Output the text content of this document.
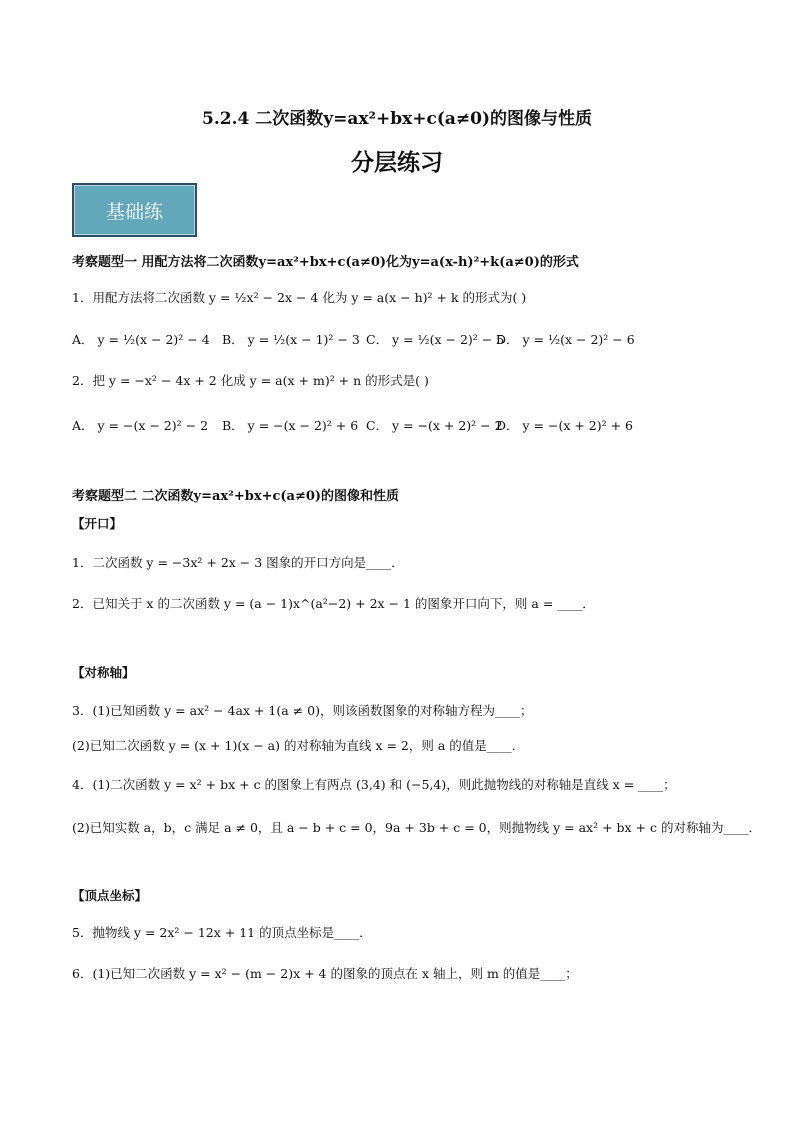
5.2.4 二次函数y=ax²+bx+c(a≠0)的图像与性质
分层练习
基础练
考察题型一 用配方法将二次函数y=ax²+bx+c(a≠0)化为y=a(x-h)²+k(a≠0)的形式
1．用配方法将二次函数 y = ½x² − 2x − 4 化为 y = a(x − h)² + k 的形式为( )
A． y = ½(x − 2)² − 4 B． y = ½(x − 1)² − 3 C． y = ½(x − 2)² − 5
D． y = ½(x − 2)² − 6
2．把 y = −x² − 4x + 2 化成 y = a(x + m)² + n 的形式是( )
A． y = −(x − 2)² − 2 B． y = −(x − 2)² + 6 C． y = −(x + 2)² − 2
D． y = −(x + 2)² + 6
考察题型二 二次函数y=ax²+bx+c(a≠0)的图像和性质
【开口】
1．二次函数 y = −3x² + 2x − 3 图象的开口方向是____．
2．已知关于 x 的二次函数 y = (a − 1)x^(a²−2) + 2x − 1 的图象开口向下，则 a = ____．
【对称轴】
3．(1)已知函数 y = ax² − 4ax + 1(a ≠ 0)，则该函数图象的对称轴方程为____；
(2)已知二次函数 y = (x + 1)(x − a) 的对称轴为直线 x = 2，则 a 的值是____．
4．(1)二次函数 y = x² + bx + c 的图象上有两点 (3,4) 和 (−5,4)，则此抛物线的对称轴是直线 x = ____；
(2)已知实数 a，b，c 满足 a ≠ 0，且 a − b + c = 0，9a + 3b + c = 0，则抛物线 y = ax² + bx + c 的对称轴为____．
【顶点坐标】
5．抛物线 y = 2x² − 12x + 11 的顶点坐标是____．
6．(1)已知二次函数 y = x² − (m − 2)x + 4 的图象的顶点在 x 轴上，则 m 的值是____；
